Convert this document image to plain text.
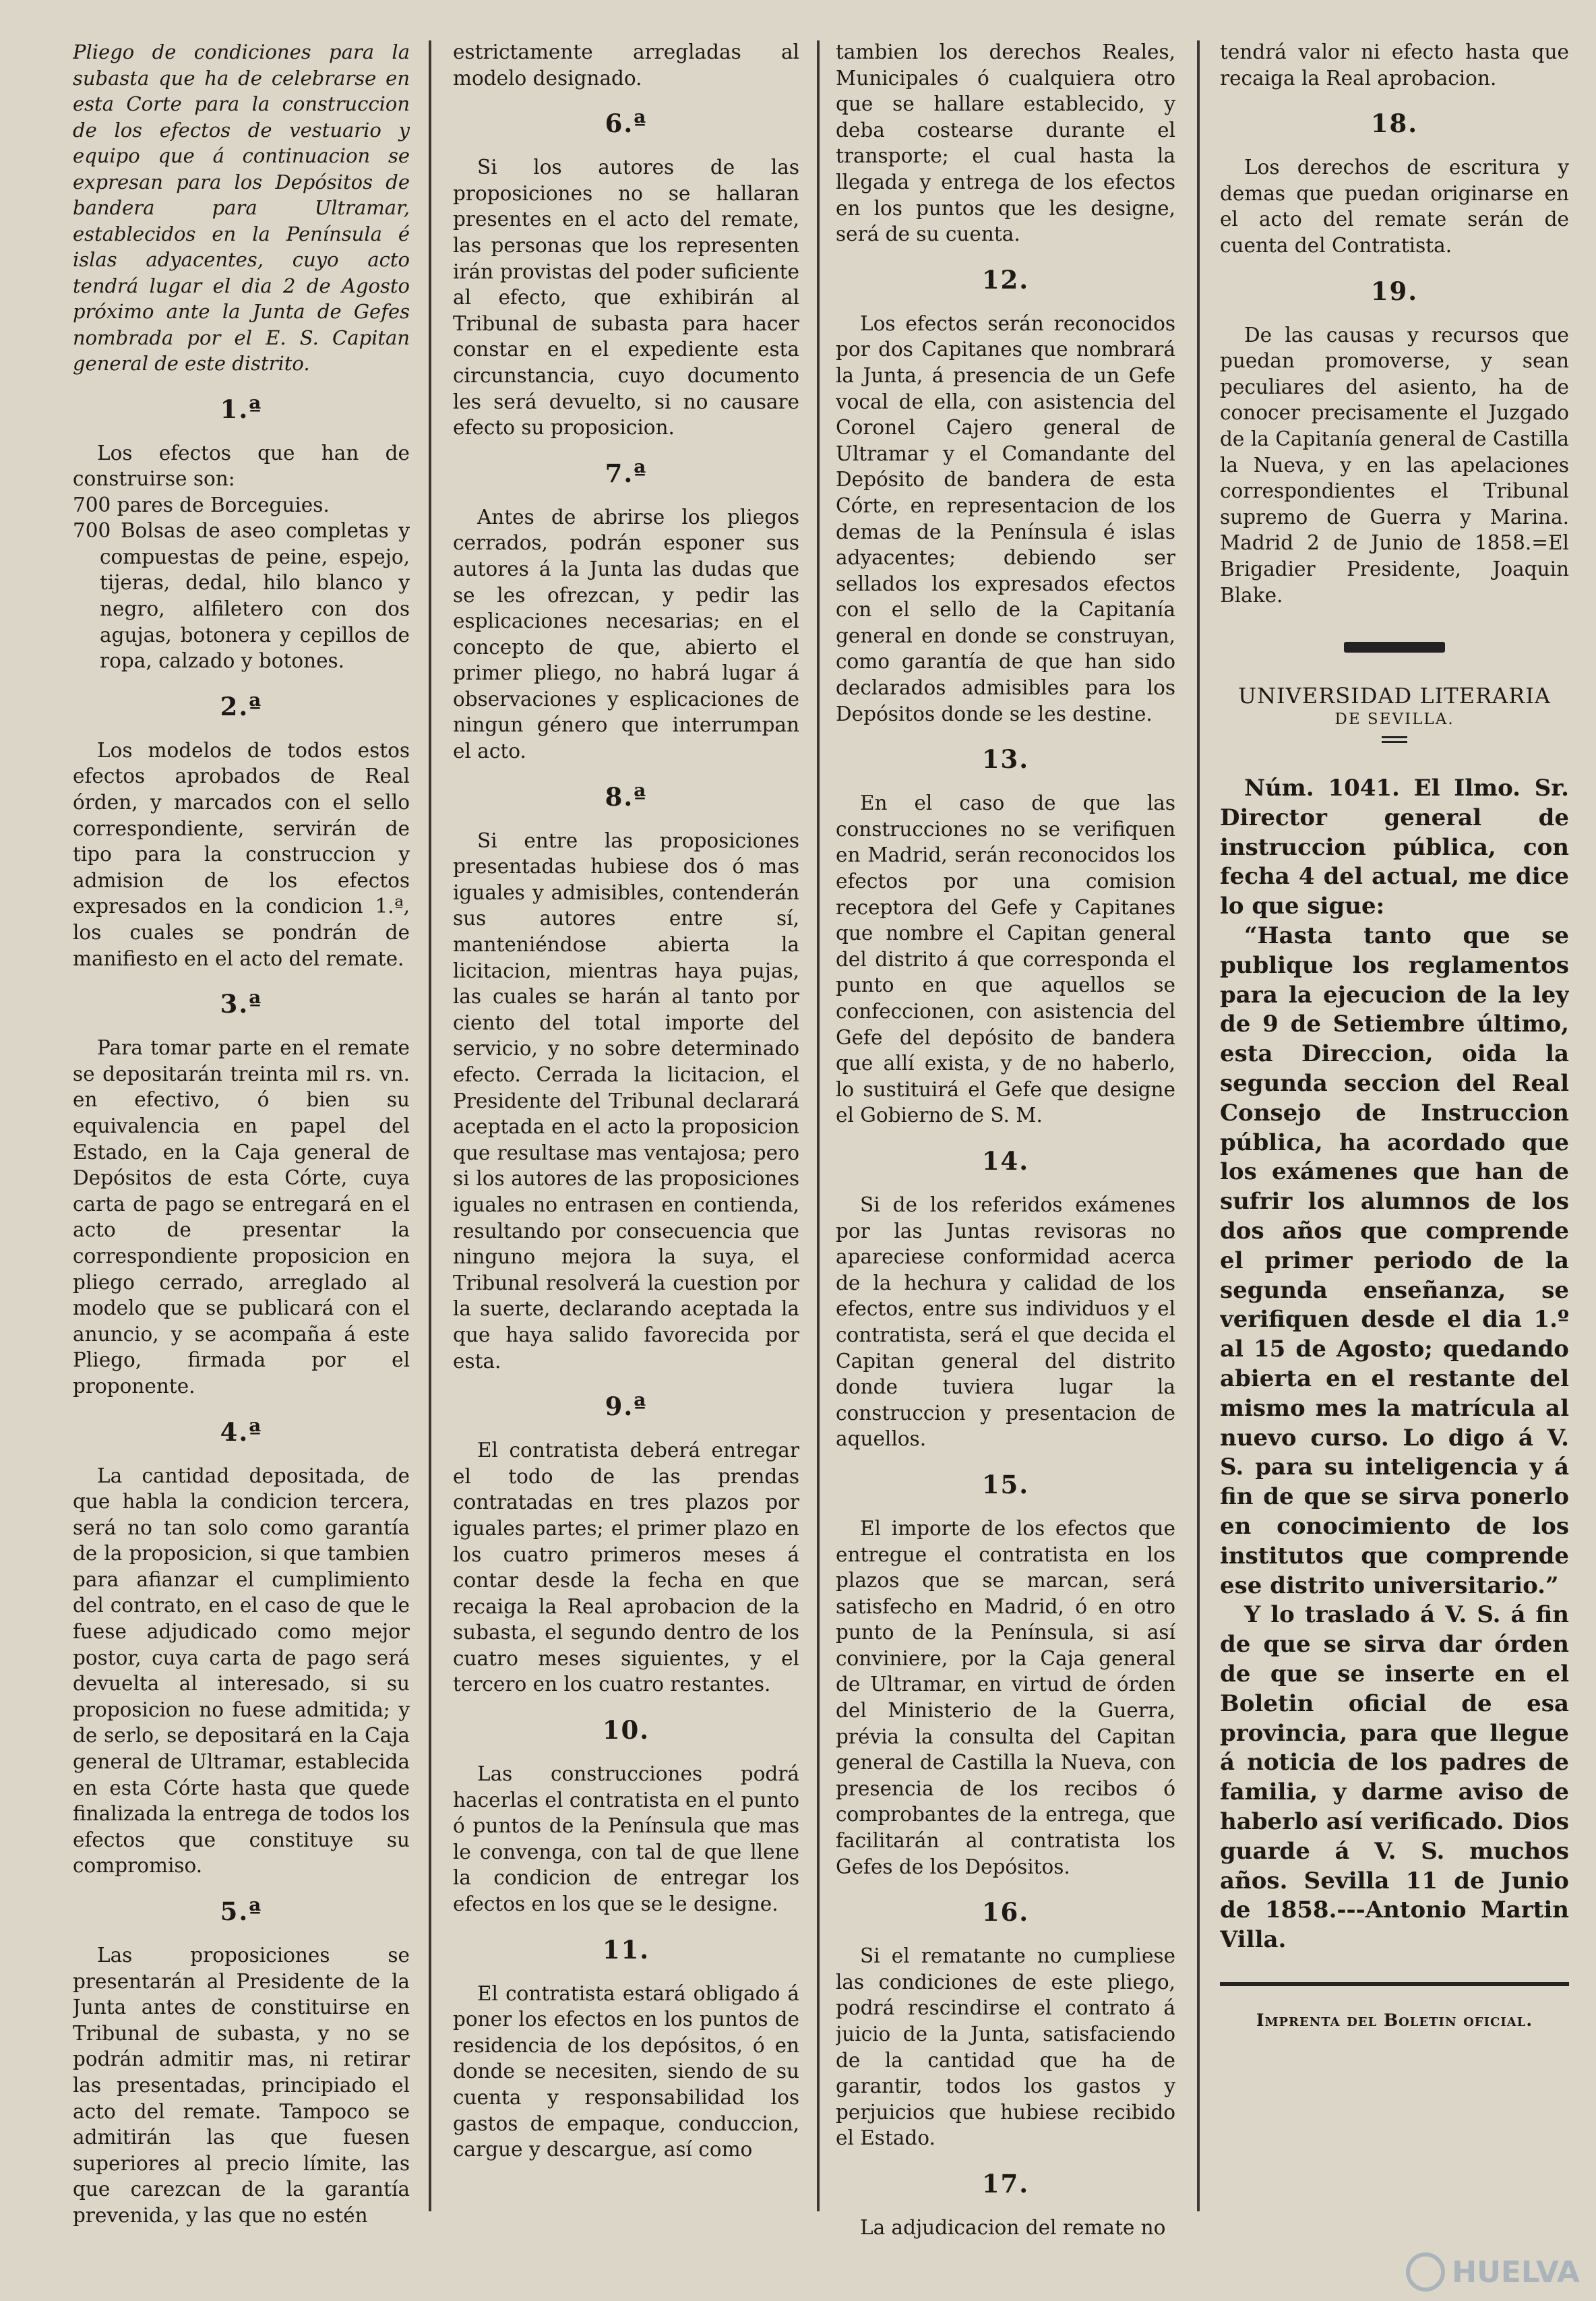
Pliego de condiciones para la subasta que ha de celebrarse en esta Corte para la construccion de los efectos de vestuario y equipo que á continuacion se expresan para los Depósitos de bandera para Ultramar, establecidos en la Península é islas adyacentes, cuyo acto tendrá lugar el dia 2 de Agosto próximo ante la Junta de Gefes nombrada por el E. S. Capitan general de este distrito.

1.ª

Los efectos que han de construirse son:

700 pares de Borceguies.

700 Bolsas de aseo completas y compuestas de peine, espejo, tijeras, dedal, hilo blanco y negro, alfiletero con dos agujas, botonera y cepillos de ropa, calzado y botones.

2.ª

Los modelos de todos estos efectos aprobados de Real órden, y marcados con el sello correspondiente, servirán de tipo para la construccion y admision de los efectos expresados en la condicion 1.ª, los cuales se pondrán de manifiesto en el acto del remate.

3.ª

Para tomar parte en el remate se depositarán treinta mil rs. vn. en efectivo, ó bien su equivalencia en papel del Estado, en la Caja general de Depósitos de esta Córte, cuya carta de pago se entregará en el acto de presentar la correspondiente proposicion en pliego cerrado, arreglado al modelo que se publicará con el anuncio, y se acompaña á este Pliego, firmada por el proponente.

4.ª

La cantidad depositada, de que habla la condicion tercera, será no tan solo como garantía de la proposicion, si que tambien para afianzar el cumplimiento del contrato, en el caso de que le fuese adjudicado como mejor postor, cuya carta de pago será devuelta al interesado, si su proposicion no fuese admitida; y de serlo, se depositará en la Caja general de Ultramar, establecida en esta Córte hasta que quede finalizada la entrega de todos los efectos que constituye su compromiso.

5.ª

Las proposiciones se presentarán al Presidente de la Junta antes de constituirse en Tribunal de subasta, y no se podrán admitir mas, ni retirar las presentadas, principiado el acto del remate. Tampoco se admitirán las que fuesen superiores al precio límite, las que carezcan de la garantía prevenida, y las que no estén

estrictamente arregladas al modelo designado.

6.ª

Si los autores de las proposiciones no se hallaran presentes en el acto del remate, las personas que los representen irán provistas del poder suficiente al efecto, que exhibirán al Tribunal de subasta para hacer constar en el expediente esta circunstancia, cuyo documento les será devuelto, si no causare efecto su proposicion.

7.ª

Antes de abrirse los pliegos cerrados, podrán esponer sus autores á la Junta las dudas que se les ofrezcan, y pedir las esplicaciones necesarias; en el concepto de que, abierto el primer pliego, no habrá lugar á observaciones y esplicaciones de ningun género que interrumpan el acto.

8.ª

Si entre las proposiciones presentadas hubiese dos ó mas iguales y admisibles, contenderán sus autores entre sí, manteniéndose abierta la licitacion, mientras haya pujas, las cuales se harán al tanto por ciento del total importe del servicio, y no sobre determinado efecto. Cerrada la licitacion, el Presidente del Tribunal declarará aceptada en el acto la proposicion que resultase mas ventajosa; pero si los autores de las proposiciones iguales no entrasen en contienda, resultando por consecuencia que ninguno mejora la suya, el Tribunal resolverá la cuestion por la suerte, declarando aceptada la que haya salido favorecida por esta.

9.ª

El contratista deberá entregar el todo de las prendas contratadas en tres plazos por iguales partes; el primer plazo en los cuatro primeros meses á contar desde la fecha en que recaiga la Real aprobacion de la subasta, el segundo dentro de los cuatro meses siguientes, y el tercero en los cuatro restantes.

10.

Las construcciones podrá hacerlas el contratista en el punto ó puntos de la Península que mas le convenga, con tal de que llene la condicion de entregar los efectos en los que se le designe.

11.

El contratista estará obligado á poner los efectos en los puntos de residencia de los depósitos, ó en donde se necesiten, siendo de su cuenta y responsabilidad los gastos de empaque, conduccion, cargue y descargue, así como

tambien los derechos Reales, Municipales ó cualquiera otro que se hallare establecido, y deba costearse durante el transporte; el cual hasta la llegada y entrega de los efectos en los puntos que les designe, será de su cuenta.

12.

Los efectos serán reconocidos por dos Capitanes que nombrará la Junta, á presencia de un Gefe vocal de ella, con asistencia del Coronel Cajero general de Ultramar y el Comandante del Depósito de bandera de esta Córte, en representacion de los demas de la Península é islas adyacentes; debiendo ser sellados los expresados efectos con el sello de la Capitanía general en donde se construyan, como garantía de que han sido declarados admisibles para los Depósitos donde se les destine.

13.

En el caso de que las construcciones no se verifiquen en Madrid, serán reconocidos los efectos por una comision receptora del Gefe y Capitanes que nombre el Capitan general del distrito á que corresponda el punto en que aquellos se confeccionen, con asistencia del Gefe del depósito de bandera que allí exista, y de no haberlo, lo sustituirá el Gefe que designe el Gobierno de S. M.

14.

Si de los referidos exámenes por las Juntas revisoras no apareciese conformidad acerca de la hechura y calidad de los efectos, entre sus individuos y el contratista, será el que decida el Capitan general del distrito donde tuviera lugar la construccion y presentacion de aquellos.

15.

El importe de los efectos que entregue el contratista en los plazos que se marcan, será satisfecho en Madrid, ó en otro punto de la Península, si así conviniere, por la Caja general de Ultramar, en virtud de órden del Ministerio de la Guerra, prévia la consulta del Capitan general de Castilla la Nueva, con presencia de los recibos ó comprobantes de la entrega, que facilitarán al contratista los Gefes de los Depósitos.

16.

Si el rematante no cumpliese las condiciones de este pliego, podrá rescindirse el contrato á juicio de la Junta, satisfaciendo de la cantidad que ha de garantir, todos los gastos y perjuicios que hubiese recibido el Estado.

17.

La adjudicacion del remate no

tendrá valor ni efecto hasta que recaiga la Real aprobacion.

18.

Los derechos de escritura y demas que puedan originarse en el acto del remate serán de cuenta del Contratista.

19.

De las causas y recursos que puedan promoverse, y sean peculiares del asiento, ha de conocer precisamente el Juzgado de la Capitanía general de Castilla la Nueva, y en las apelaciones correspondientes el Tribunal supremo de Guerra y Marina. Madrid 2 de Junio de 1858.=El Brigadier Presidente, Joaquin Blake.

UNIVERSIDAD LITERARIA
DE SEVILLA.

Núm. 1041. El Ilmo. Sr. Director general de instruccion pública, con fecha 4 del actual, me dice lo que sigue:

“Hasta tanto que se publique los reglamentos para la ejecucion de la ley de 9 de Setiembre último, esta Direccion, oida la segunda seccion del Real Consejo de Instruccion pública, ha acordado que los exámenes que han de sufrir los alumnos de los dos años que comprende el primer periodo de la segunda enseñanza, se verifiquen desde el dia 1.º al 15 de Agosto; quedando abierta en el restante del mismo mes la matrícula al nuevo curso. Lo digo á V. S. para su inteligencia y á fin de que se sirva ponerlo en conocimiento de los institutos que comprende ese distrito universitario.”

Y lo traslado á V. S. á fin de que se sirva dar órden de que se inserte en el Boletin oficial de esa provincia, para que llegue á noticia de los padres de familia, y darme aviso de haberlo así verificado. Dios guarde á V. S. muchos años. Sevilla 11 de Junio de 1858.---Antonio Martin Villa.

Imprenta del Boletin oficial.
HUELVA
